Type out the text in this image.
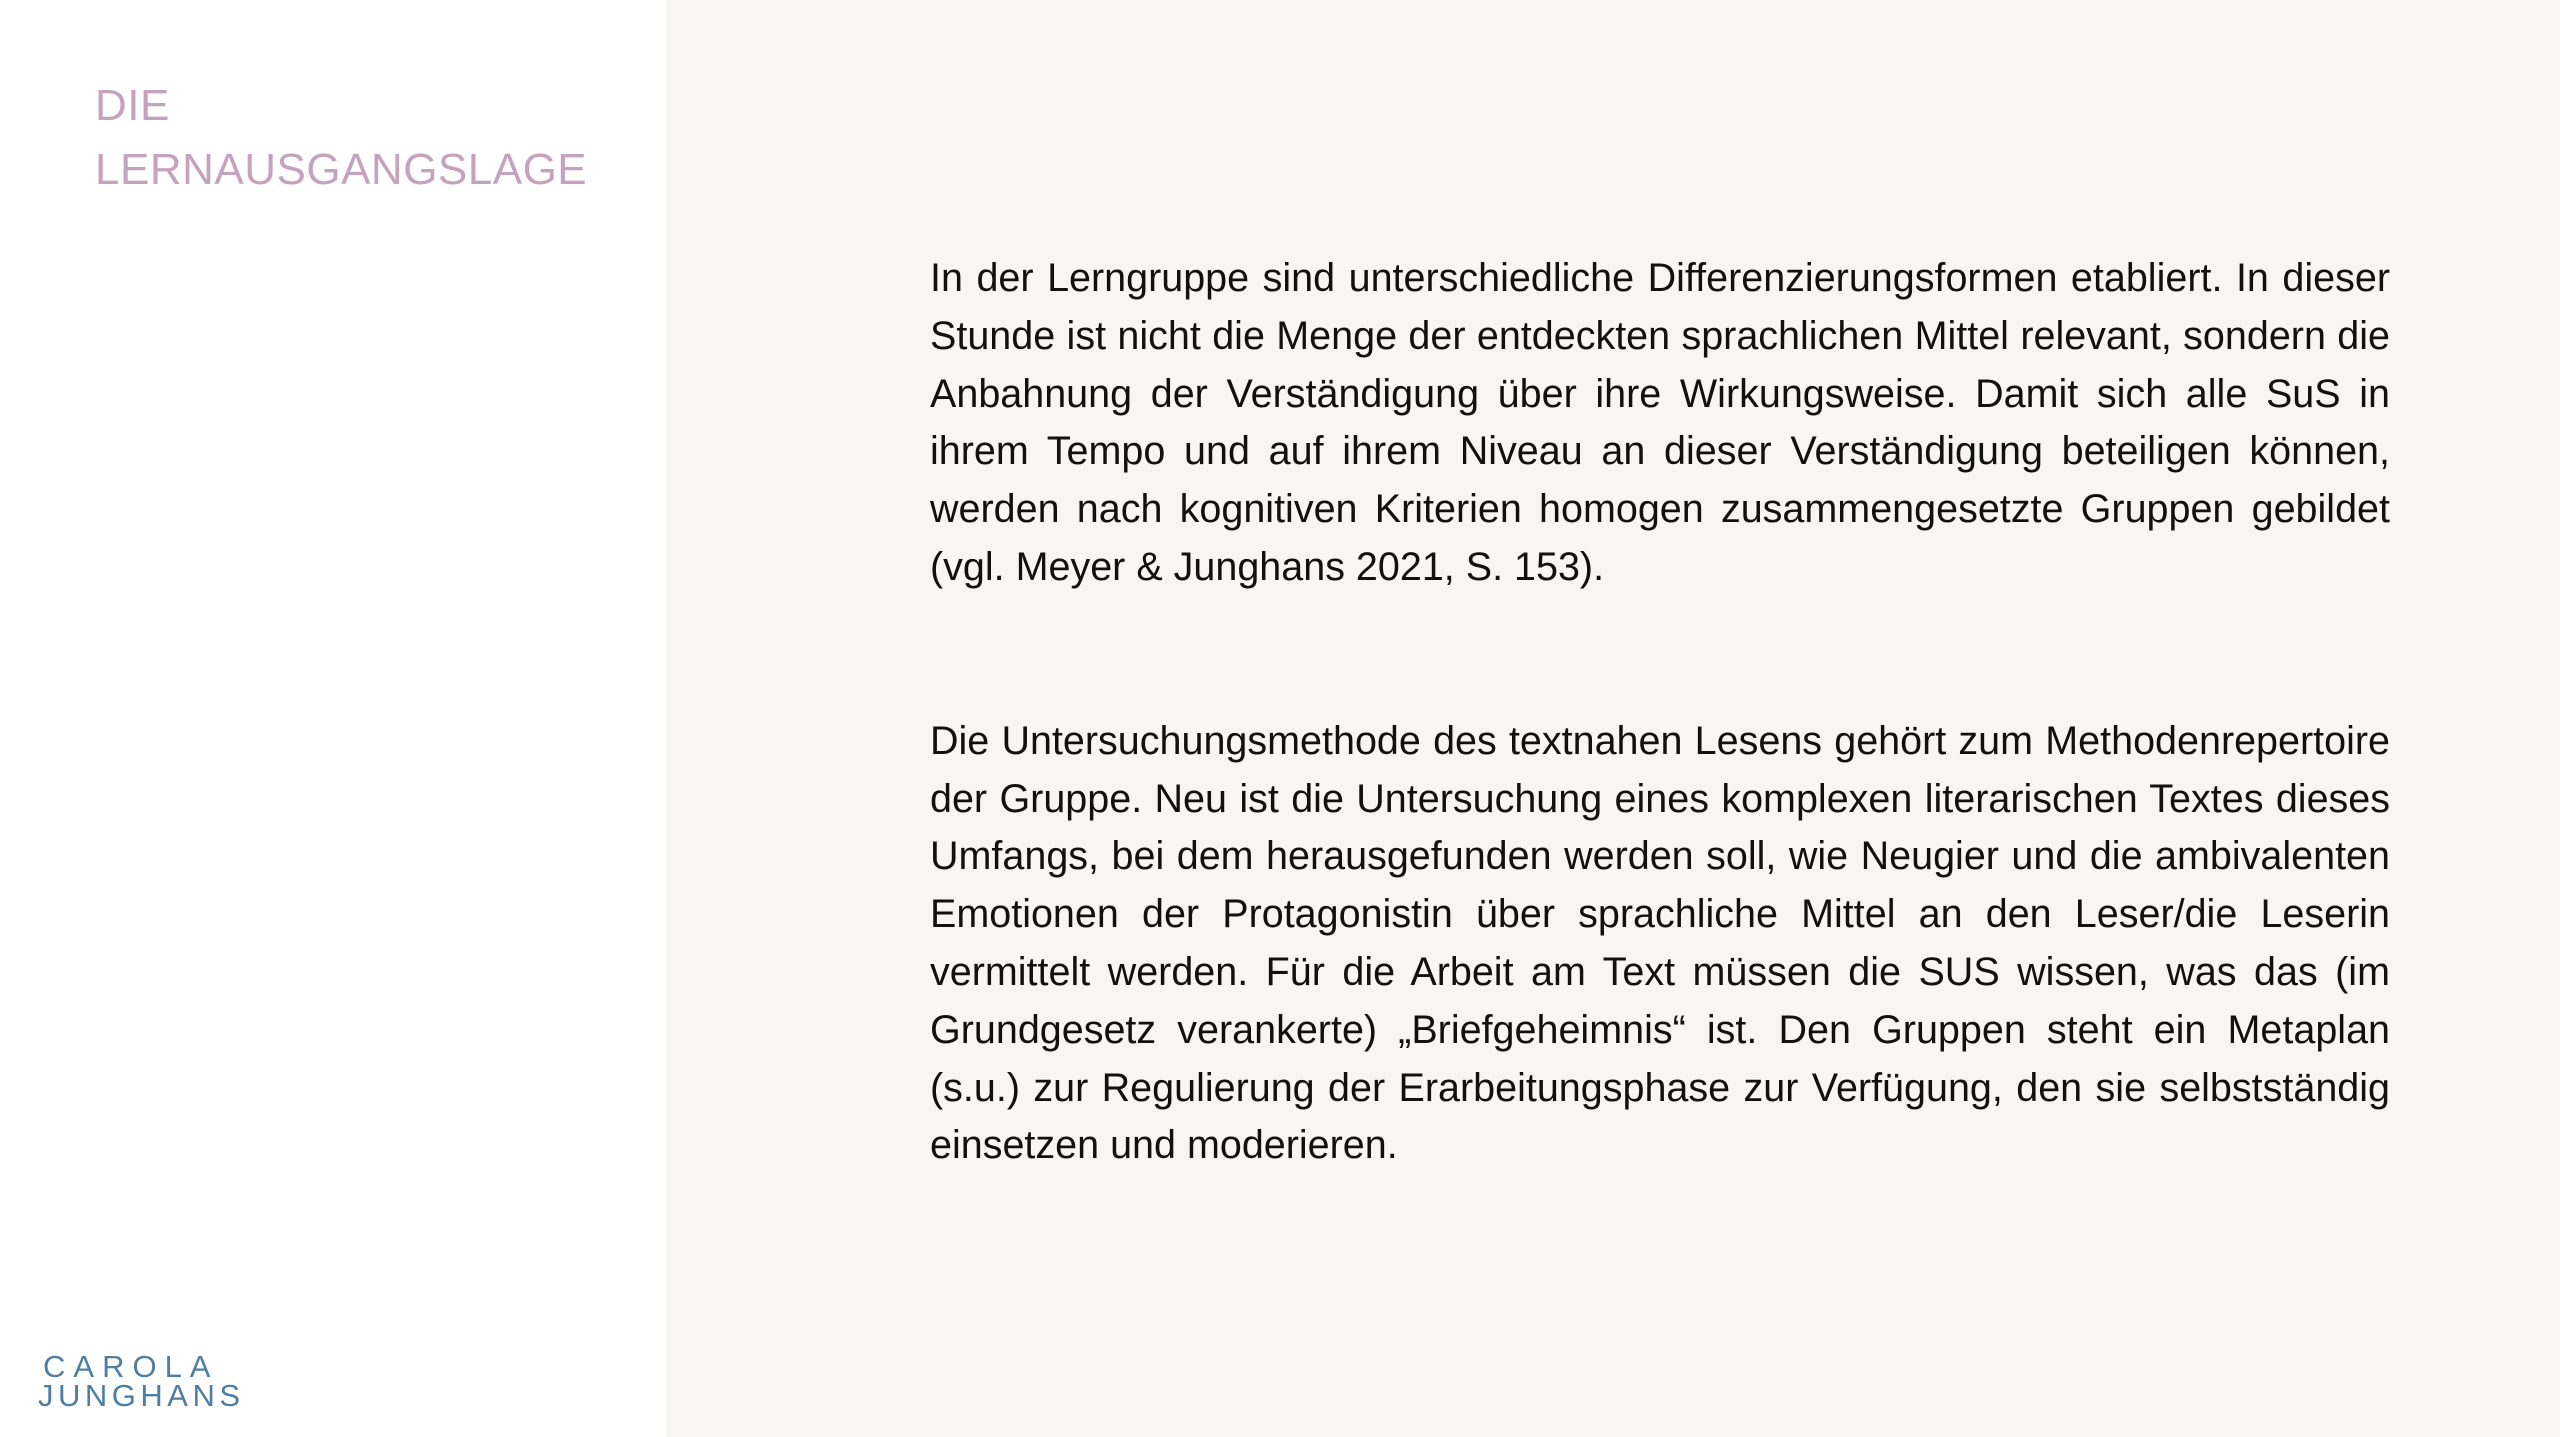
DIE
LERNAUSGANGSLAGE

In der Lerngruppe sind unterschiedliche Differenzierungsformen etabliert. In dieser Stunde ist nicht die Menge der entdeckten sprachlichen Mittel relevant, sondern die Anbahnung der Verständigung über ihre Wirkungsweise. Damit sich alle SuS in ihrem Tempo und auf ihrem Niveau an dieser Verständigung beteiligen können, werden nach kognitiven Kriterien homogen zusammengesetzte Gruppen gebildet (vgl. Meyer & Junghans 2021, S. 153).

Die Untersuchungsmethode des textnahen Lesens gehört zum Methodenrepertoire der Gruppe. Neu ist die Untersuchung eines komplexen literarischen Textes dieses Umfangs, bei dem herausgefunden werden soll, wie Neugier und die ambivalenten Emotionen der Protagonistin über sprachliche Mittel an den Leser/die Leserin vermittelt werden. Für die Arbeit am Text müssen die SUS wissen, was das (im Grundgesetz verankerte) „Briefgeheimnis“ ist. Den Gruppen steht ein Metaplan (s.u.) zur Regulierung der Erarbeitungsphase zur Verfügung, den sie selbstständig einsetzen und moderieren.

CAROLA
JUNGHANS
